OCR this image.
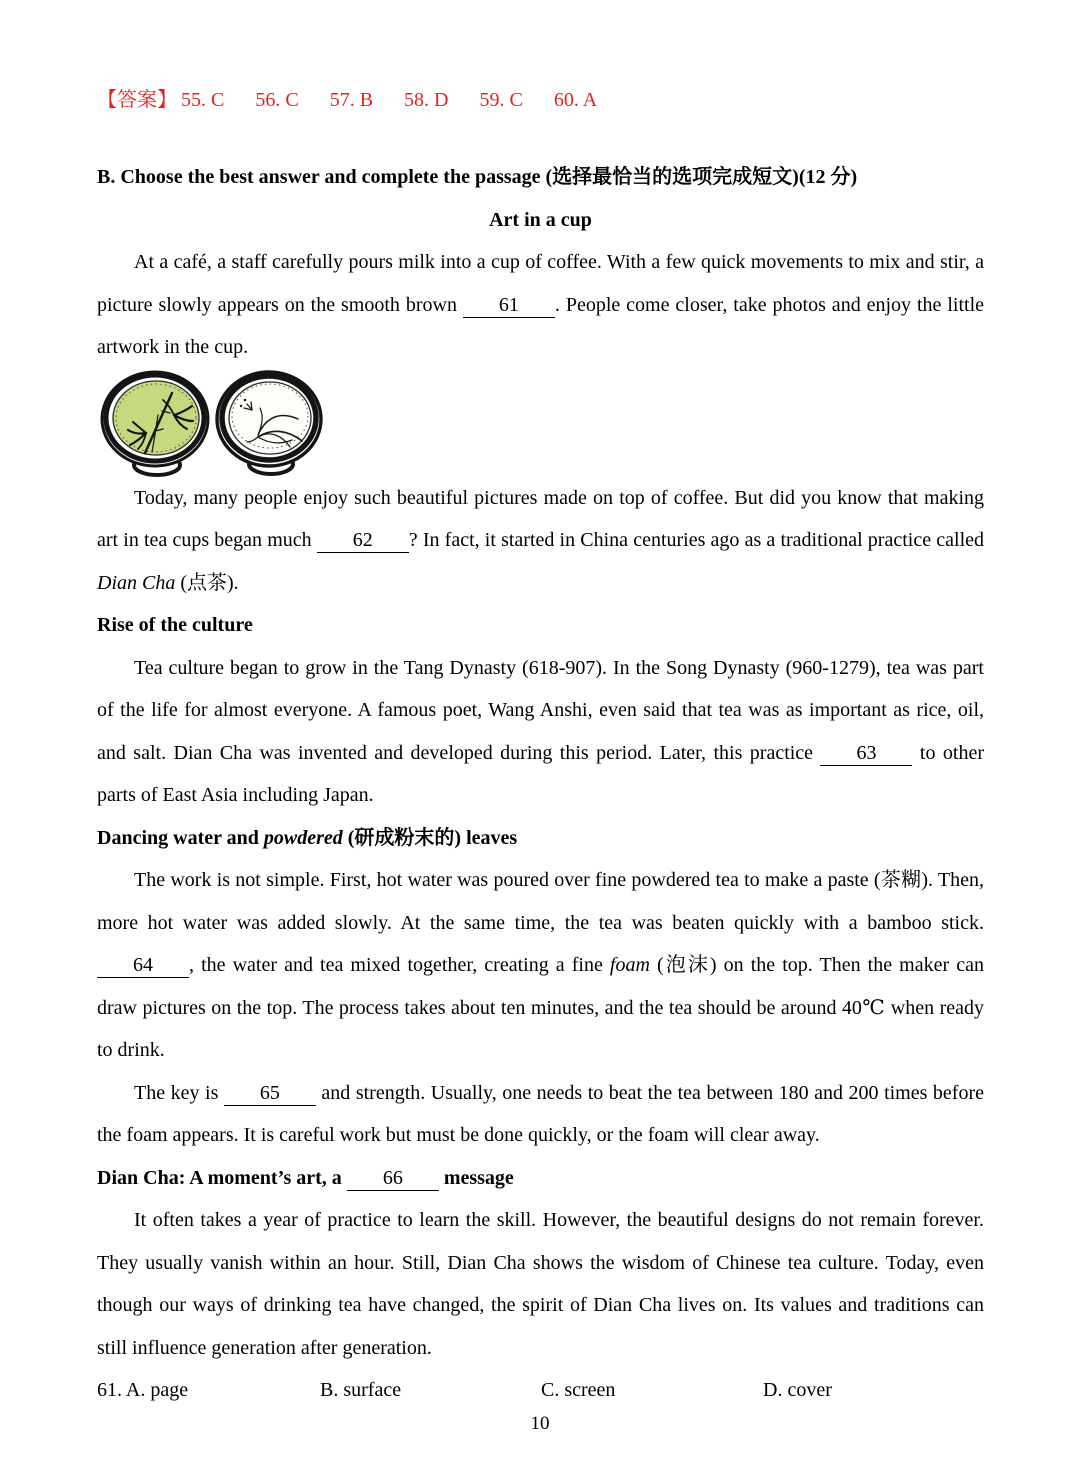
【答案】 55. C 56. C 57. B 58. D 59. C 60. A
B. Choose the best answer and complete the passage (选择最恰当的选项完成短文)(12 分)
Art in a cup
At a café, a staff carefully pours milk into a cup of coffee. With a few quick movements to mix and stir, a picture slowly appears on the smooth brown 61 . People come closer, take photos and enjoy the little artwork in the cup.
Today, many people enjoy such beautiful pictures made on top of coffee. But did you know that making art in tea cups began much 62 ? In fact, it started in China centuries ago as a traditional practice called Dian Cha (点茶).
Rise of the culture
Tea culture began to grow in the Tang Dynasty (618-907). In the Song Dynasty (960-1279), tea was part of the life for almost everyone. A famous poet, Wang Anshi, even said that tea was as important as rice, oil, and salt. Dian Cha was invented and developed during this period. Later, this practice 63 to other parts of East Asia including Japan.
Dancing water and powdered (研成粉末的) leaves
The work is not simple. First, hot water was poured over fine powdered tea to make a paste (茶糊). Then, more hot water was added slowly. At the same time, the tea was beaten quickly with a bamboo stick. 64 , the water and tea mixed together, creating a fine foam (泡沫) on the top. Then the maker can draw pictures on the top. The process takes about ten minutes, and the tea should be around 40℃ when ready to drink.
The key is 65 and strength. Usually, one needs to beat the tea between 180 and 200 times before the foam appears. It is careful work but must be done quickly, or the foam will clear away.
Dian Cha: A moment’s art, a 66 message
It often takes a year of practice to learn the skill. However, the beautiful designs do not remain forever. They usually vanish within an hour. Still, Dian Cha shows the wisdom of Chinese tea culture. Today, even though our ways of drinking tea have changed, the spirit of Dian Cha lives on. Its values and traditions can still influence generation after generation.
61. A. page	B. surface	C. screen	D. cover
10
